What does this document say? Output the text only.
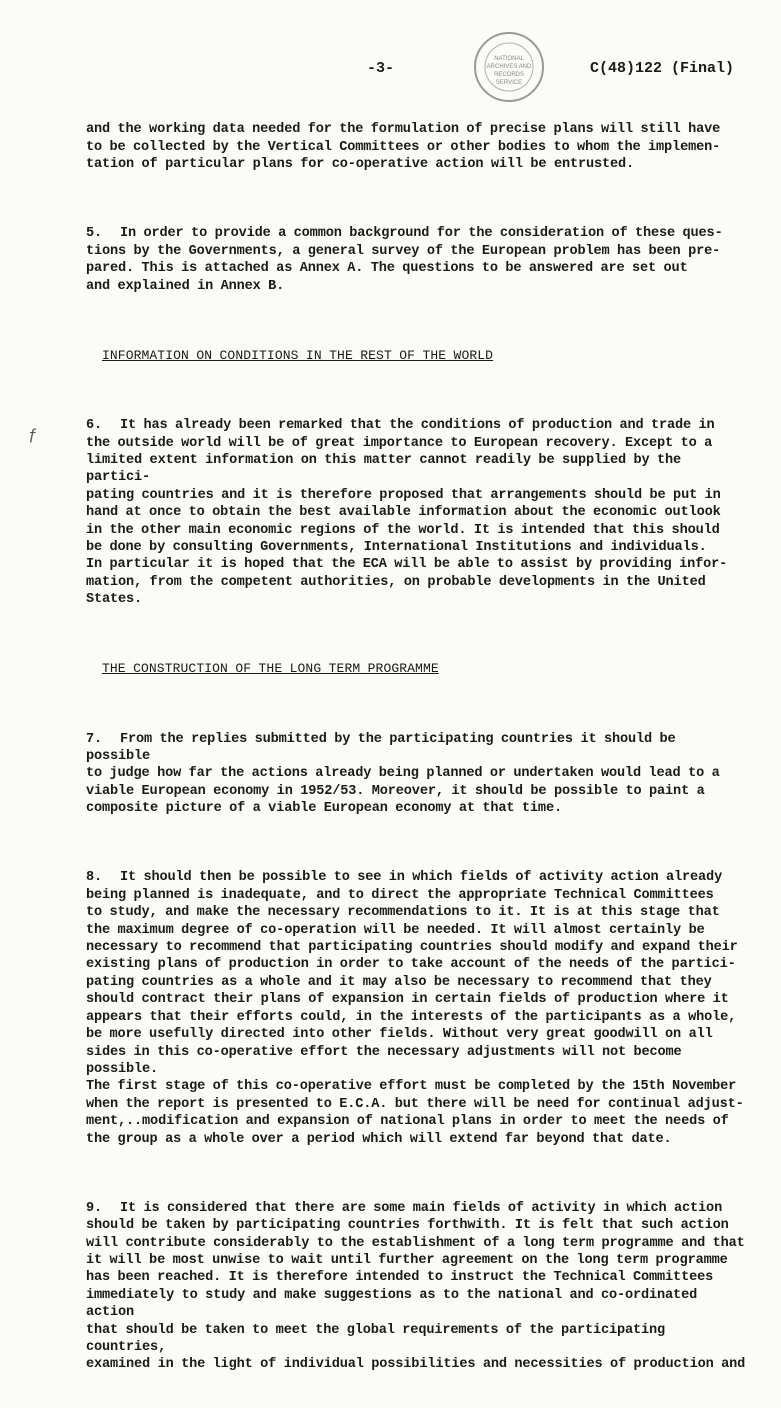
-3-	C(48)122 (Final)
NATIONAL
ARCHIVES AND
RECORDS
SERVICE
ƒ

and the working data needed for the formulation of precise plans will still have
to be collected by the Vertical Committees or other bodies to whom the implemen-
tation of particular plans for co-operative action will be entrusted.

5. In order to provide a common background for the consideration of these ques-
tions by the Governments, a general survey of the European problem has been pre-
pared. This is attached as Annex A. The questions to be answered are set out
and explained in Annex B.

INFORMATION ON CONDITIONS IN THE REST OF THE WORLD

6. It has already been remarked that the conditions of production and trade in
the outside world will be of great importance to European recovery. Except to a
limited extent information on this matter cannot readily be supplied by the partici-
pating countries and it is therefore proposed that arrangements should be put in
hand at once to obtain the best available information about the economic outlook
in the other main economic regions of the world. It is intended that this should
be done by consulting Governments, International Institutions and individuals.
In particular it is hoped that the ECA will be able to assist by providing infor-
mation, from the competent authorities, on probable developments in the United
States.

THE CONSTRUCTION OF THE LONG TERM PROGRAMME

7. From the replies submitted by the participating countries it should be possible
to judge how far the actions already being planned or undertaken would lead to a
viable European economy in 1952/53. Moreover, it should be possible to paint a
composite picture of a viable European economy at that time.

8. It should then be possible to see in which fields of activity action already
being planned is inadequate, and to direct the appropriate Technical Committees
to study, and make the necessary recommendations to it. It is at this stage that
the maximum degree of co-operation will be needed. It will almost certainly be
necessary to recommend that participating countries should modify and expand their
existing plans of production in order to take account of the needs of the partici-
pating countries as a whole and it may also be necessary to recommend that they
should contract their plans of expansion in certain fields of production where it
appears that their efforts could, in the interests of the participants as a whole,
be more usefully directed into other fields. Without very great goodwill on all
sides in this co-operative effort the necessary adjustments will not become possible.
The first stage of this co-operative effort must be completed by the 15th November
when the report is presented to E.C.A. but there will be need for continual adjust-
ment,..modification and expansion of national plans in order to meet the needs of
the group as a whole over a period which will extend far beyond that date.

9. It is considered that there are some main fields of activity in which action
should be taken by participating countries forthwith. It is felt that such action
will contribute considerably to the establishment of a long term programme and that
it will be most unwise to wait until further agreement on the long term programme
has been reached. It is therefore intended to instruct the Technical Committees
immediately to study and make suggestions as to the national and co-ordinated action
that should be taken to meet the global requirements of the participating countries,
examined in the light of individual possibilities and necessities of production and
